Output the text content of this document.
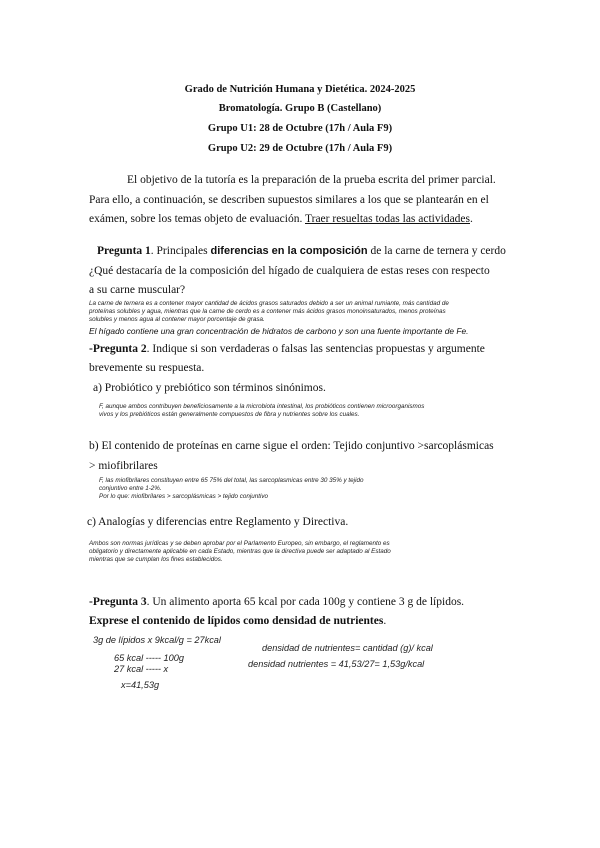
Grado de Nutrición Humana y Dietética. 2024-2025
Bromatología. Grupo B (Castellano)
Grupo U1: 28 de Octubre (17h / Aula F9)
Grupo U2: 29 de Octubre (17h / Aula F9)
El objetivo de la tutoría es la preparación de la prueba escrita del primer parcial.
Para ello, a continuación, se describen supuestos similares a los que se plantearán en el
exámen, sobre los temas objeto de evaluación. Traer resueltas todas las actividades.
Pregunta 1. Principales diferencias en la composición de la carne de ternera y cerdo
¿Qué destacaría de la composición del hígado de cualquiera de estas reses con respecto
a su carne muscular?
La carne de ternera es a contener mayor cantidad de ácidos grasos saturados debido a ser un animal rumiante, más cantidad de
proteínas solubles y agua, mientras que la carne de cerdo es a contener más ácidos grasos monoinsaturados, menos proteínas
solubles y menos agua al contener mayor porcentaje de grasa.
El hígado contiene una gran concentración de hidratos de carbono y son una fuente importante de Fe.
-Pregunta 2. Indique si son verdaderas o falsas las sentencias propuestas y argumente
brevemente su respuesta.
a) Probiótico y prebiótico son términos sinónimos.
F, aunque ambos contribuyen beneficiosamente a la microbiota intestinal, los probióticos contienen microorganismos
vivos y los prebióticos están generalmente compuestos de fibra y nutrientes sobre los cuales.
b) El contenido de proteínas en carne sigue el orden: Tejido conjuntivo >sarcoplásmicas
> miofibrilares
F, las miofibrilares constituyen entre 65 75% del total, las sarcoplasmicas entre 30 35% y tejido
conjuntivo entre 1-2%.
Por lo que: miofibrilares > sarcoplásmicas > tejido conjuntivo
c) Analogías y diferencias entre Reglamento y Directiva.
Ambos son normas jurídicas y se deben aprobar por el Parlamento Europeo, sin embargo, el reglamento es
obligatorio y directamente aplicable en cada Estado, mientras que la directiva puede ser adaptado al Estado
mientras que se cumplan los fines establecidos.
-Pregunta 3. Un alimento aporta 65 kcal por cada 100g y contiene 3 g de lípidos.
Exprese el contenido de lípidos como densidad de nutrientes.
3g de lípidos x 9kcal/g = 27kcal
65 kcal ----- 100g
27 kcal ----- x
x=41,53g
densidad de nutrientes= cantidad (g)/ kcal
densidad nutrientes = 41,53/27= 1,53g/kcal
